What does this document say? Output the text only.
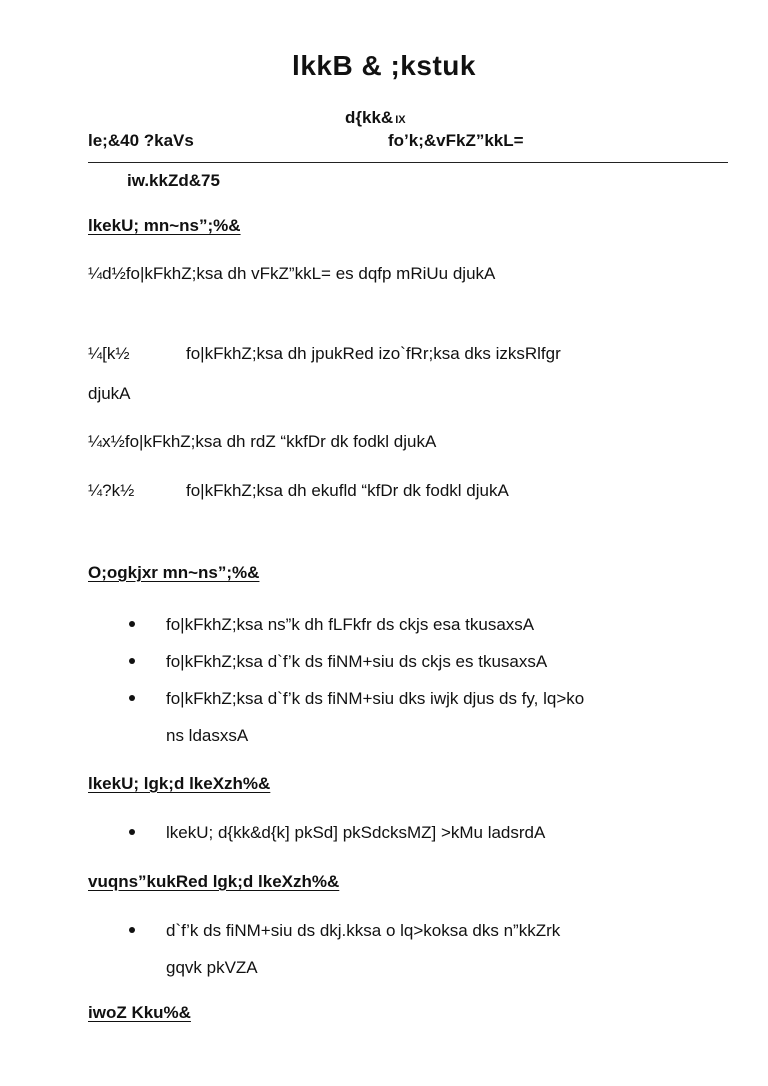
lkkB & ;kstuk
d{kk& IX
le;&40 ?kaVs	fo’k;&vFkZ”kkL=
iw.kkZd&75
lkekU; mn~ns”;%&
¼d½fo|kFkhZ;ksa dh vFkZ”kkL= es dqfp mRiUu djukA
¼[k½	fo|kFkhZ;ksa dh jpukRed izo`fRr;ksa dks izksRlfgr
djukA
¼x½fo|kFkhZ;ksa dh rdZ “kkfDr dk fodkl djukA
¼?k½	fo|kFkhZ;ksa dh ekufld “kfDr dk fodkl djukA
O;ogkjxr mn~ns”;%&
fo|kFkhZ;ksa ns”k dh fLFkfr ds ckjs esa tkusaxsA
fo|kFkhZ;ksa d`f’k ds fiNM+siu ds ckjs es tkusaxsA
fo|kFkhZ;ksa d`f’k ds fiNM+siu dks iwjk djus ds fy, lq>ko
ns ldasxsA
lkekU; lgk;d lkeXzh%&
lkekU; d{kk&d{k] pkSd] pkSdcksMZ] >kMu ladsrdA
vuqns”kukRed lgk;d lkeXzh%&
d`f’k ds fiNM+siu ds dkj.kksa o lq>koksa dks n”kkZrk
gqvk pkVZA
iwoZ Kku%&
